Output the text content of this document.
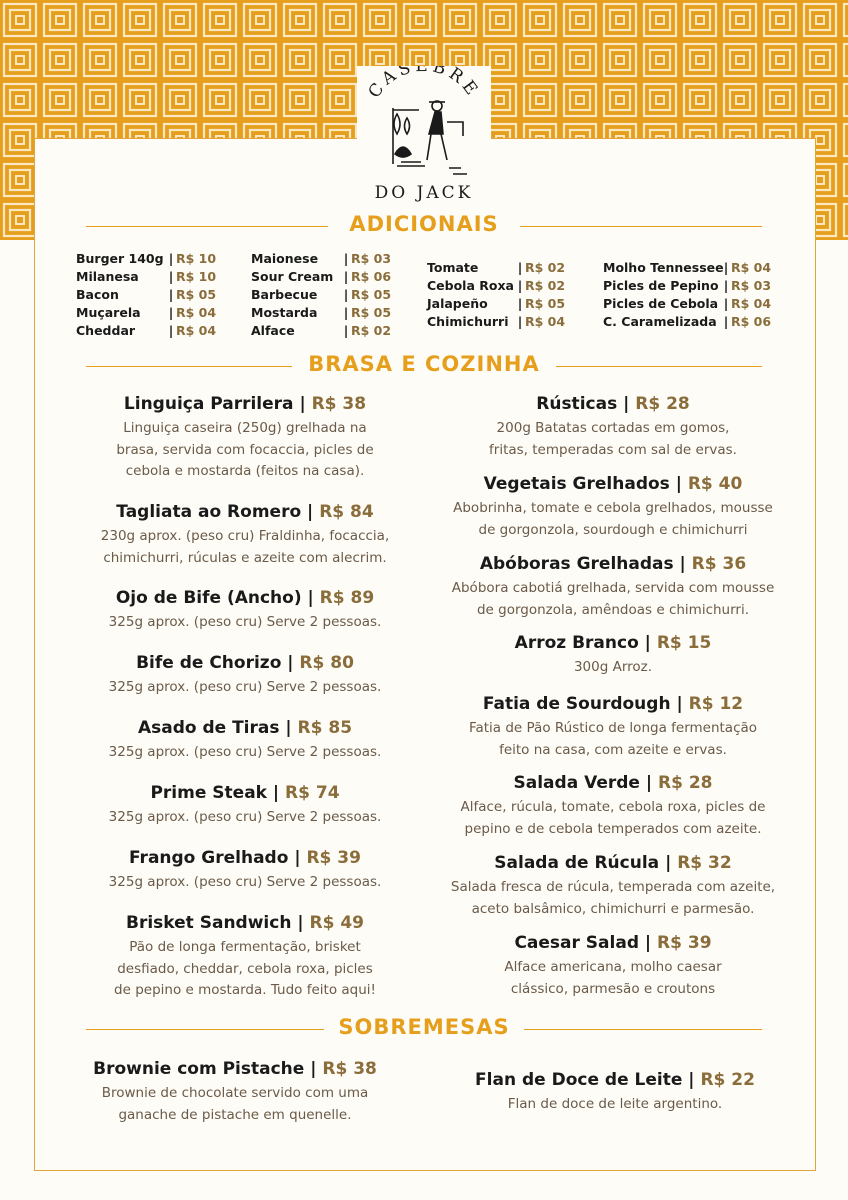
CASEBRE
DO JACK
ADICIONAIS
Burger 140g | R$ 10
Milanesa	| R$ 10
Bacon	| R$ 05
Muçarela	| R$ 04
Cheddar	| R$ 04
Maionese	| R$ 03
Sour Cream | R$ 06
Barbecue	| R$ 05
Mostarda	| R$ 05
Alface	| R$ 02
Tomate	| R$ 02
Cebola Roxa | R$ 02
Jalapeño	| R$ 05
Chimichurri | R$ 04
Molho Tennessee | R$ 04
Picles de Pepino | R$ 03
Picles de Cebola | R$ 04
C. Caramelizada | R$ 06
BRASA E COZINHA
Linguiça Parrilera | R$ 38
Linguiça caseira (250g) grelhada na
brasa, servida com focaccia, picles de
cebola e mostarda (feitos na casa).
Tagliata ao Romero | R$ 84
230g aprox. (peso cru) Fraldinha, focaccia,
chimichurri, rúculas e azeite com alecrim.
Ojo de Bife (Ancho) | R$ 89
325g aprox. (peso cru) Serve 2 pessoas.
Bife de Chorizo | R$ 80
325g aprox. (peso cru) Serve 2 pessoas.
Asado de Tiras | R$ 85
325g aprox. (peso cru) Serve 2 pessoas.
Prime Steak | R$ 74
325g aprox. (peso cru) Serve 2 pessoas.
Frango Grelhado | R$ 39
325g aprox. (peso cru) Serve 2 pessoas.
Brisket Sandwich | R$ 49
Pão de longa fermentação, brisket
desfiado, cheddar, cebola roxa, picles
de pepino e mostarda. Tudo feito aqui!
Rústicas | R$ 28
200g Batatas cortadas em gomos,
fritas, temperadas com sal de ervas.
Vegetais Grelhados | R$ 40
Abobrinha, tomate e cebola grelhados, mousse
de gorgonzola, sourdough e chimichurri
Abóboras Grelhadas | R$ 36
Abóbora cabotiá grelhada, servida com mousse
de gorgonzola, amêndoas e chimichurri.
Arroz Branco | R$ 15
300g Arroz.
Fatia de Sourdough | R$ 12
Fatia de Pão Rústico de longa fermentação
feito na casa, com azeite e ervas.
Salada Verde | R$ 28
Alface, rúcula, tomate, cebola roxa, picles de
pepino e de cebola temperados com azeite.
Salada de Rúcula | R$ 32
Salada fresca de rúcula, temperada com azeite,
aceto balsâmico, chimichurri e parmesão.
Caesar Salad | R$ 39
Alface americana, molho caesar
clássico, parmesão e croutons
SOBREMESAS
Brownie com Pistache | R$ 38
Brownie de chocolate servido com uma
ganache de pistache em quenelle.
Flan de Doce de Leite | R$ 22
Flan de doce de leite argentino.
